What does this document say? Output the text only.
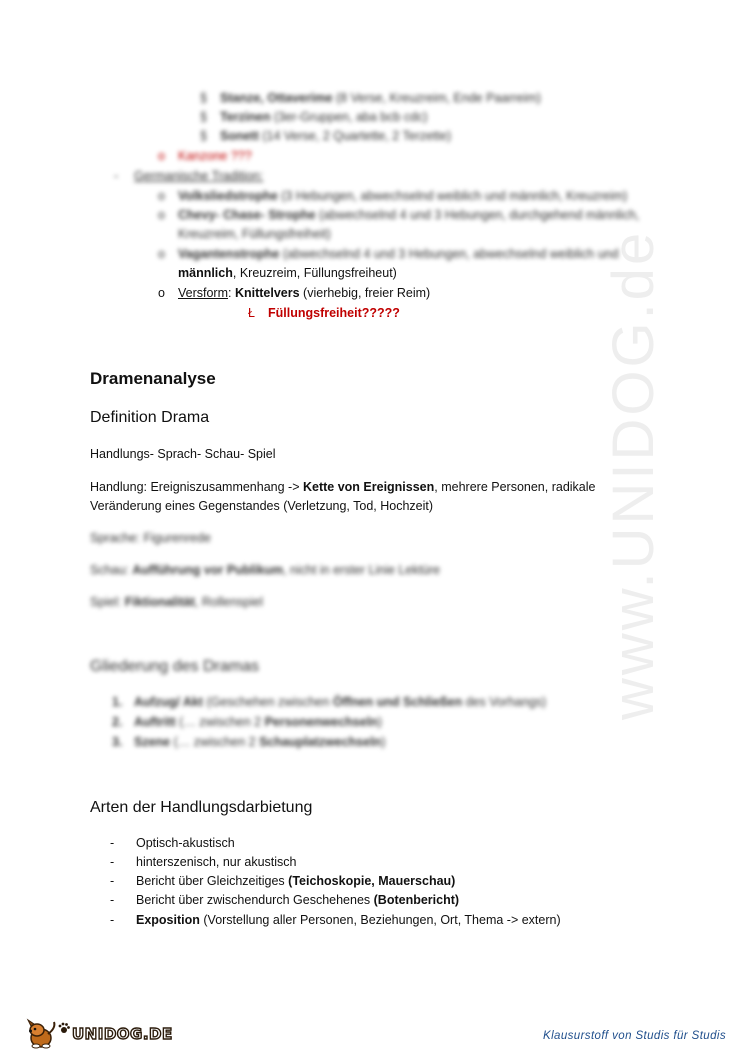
www.UNIDOG.de
§ Stanze, Ottaverime (8 Verse, Kreuzreim, Ende Paarreim)
§ Terzinen (3er-Gruppen, aba bcb cdc)
§ Sonett (14 Verse, 2 Quartette, 2 Terzette)
o Kanzone ???
- Germanische Tradition:
o Volksliedstrophe (3 Hebungen, abwechselnd weiblich und männlich, Kreuzreim)
o Chevy- Chase- Strophe (abwechselnd 4 und 3 Hebungen, durchgehend männlich,
Kreuzreim, Füllungsfreiheit)
o Vagantenstrophe (abwechselnd 4 und 3 Hebungen, abwechselnd weiblich und
männlich, Kreuzreim, Füllungsfreiheut)
o Versform: Knittelvers (vierhebig, freier Reim)
Ł Füllungsfreiheit?????
Dramenanalyse
Definition Drama
Handlungs- Sprach- Schau- Spiel
Handlung: Ereigniszusammenhang -> Kette von Ereignissen, mehrere Personen, radikale
Veränderung eines Gegenstandes (Verletzung, Tod, Hochzeit)
Sprache: Figurenrede
Schau: Aufführung vor Publikum, nicht in erster Linie Lektüre
Spiel: Fiktionalität, Rollenspiel
Gliederung des Dramas
1. Aufzug/ Akt (Geschehen zwischen Öffnen und Schließen des Vorhangs)
2. Auftritt (… zwischen 2 Personenwechseln)
3. Szene (… zwischen 2 Schauplatzwechseln)
Arten der Handlungsdarbietung
- Optisch-akustisch
- hinterszenisch, nur akustisch
- Bericht über Gleichzeitiges (Teichoskopie, Mauerschau)
- Bericht über zwischendurch Geschehenes (Botenbericht)
- Exposition (Vorstellung aller Personen, Beziehungen, Ort, Thema -> extern)
UNIDOG.DE	Klausurstoff von Studis für Studis
